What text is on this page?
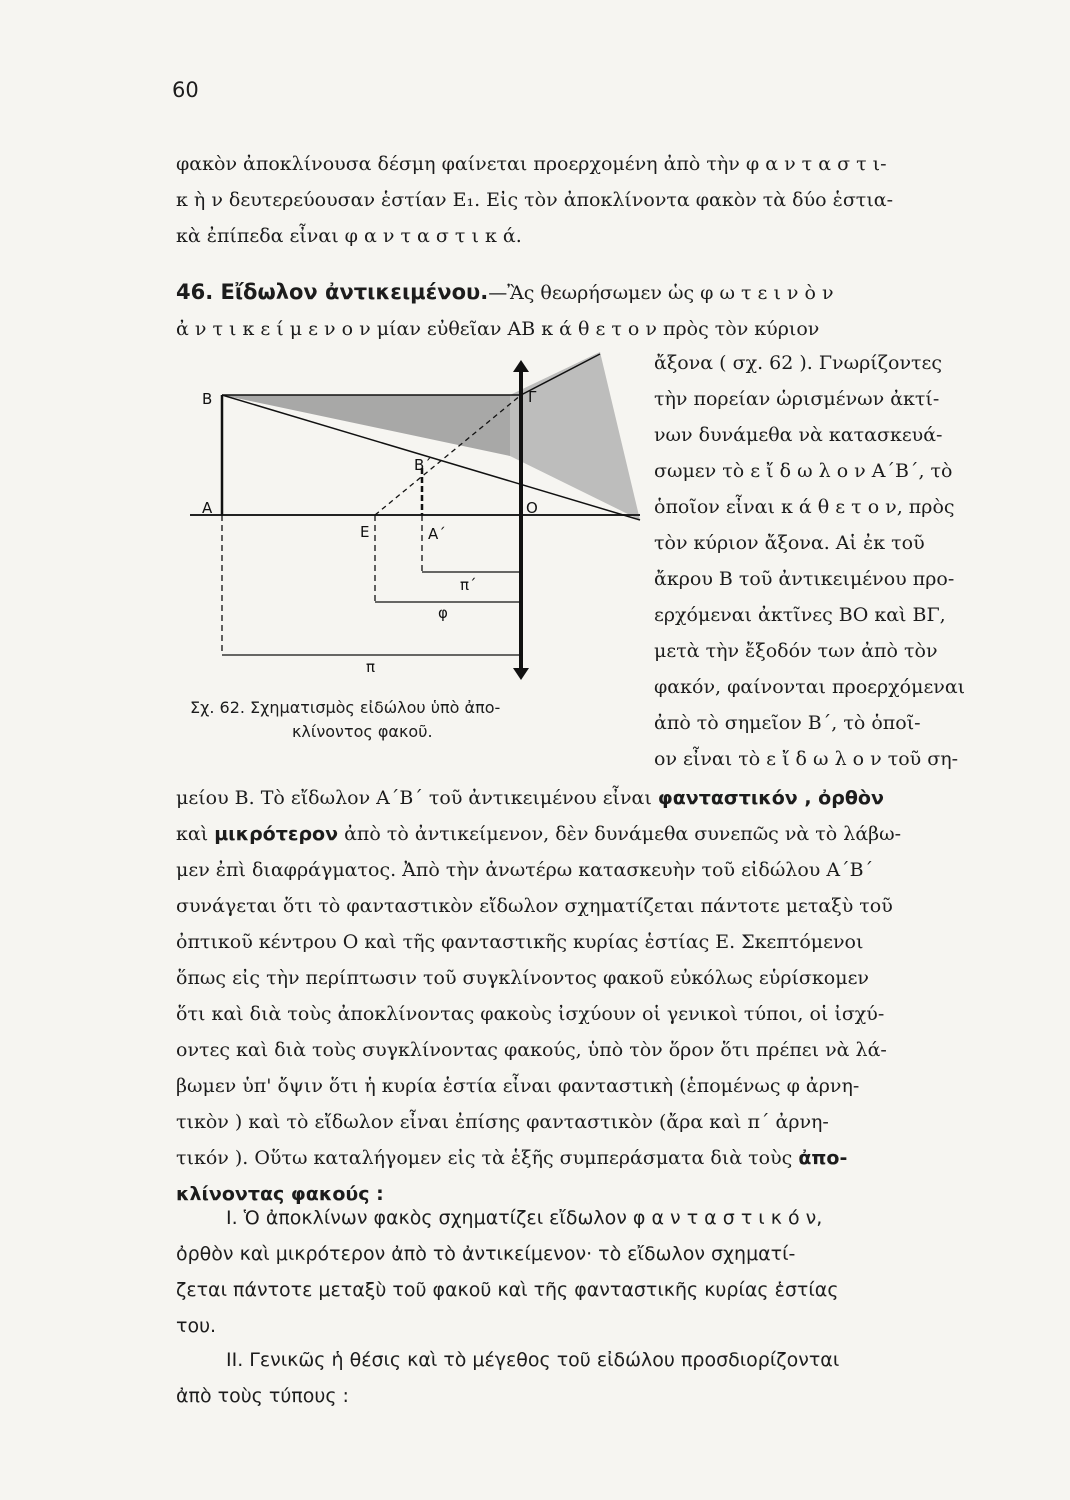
60
φακὸν ἀποκλίνουσα δέσμη φαίνεται προερχομένη ἀπὸ τὴν φ α ν τ α σ τ ι-
κ ὴ ν δευτερεύουσαν ἑστίαν Ε₁. Εἰς τὸν ἀποκλίνοντα φακὸν τὰ δύο ἑστια-
κὰ ἐπίπεδα εἶναι φ α ν τ α σ τ ι κ ά.
46. Εἴδωλον ἀντικειμένου.—Ἂς θεωρήσωμεν ὡς φ ω τ ε ι ν ὸ ν
ἀ ν τ ι κ ε ί μ ε ν ο ν μίαν εὐθεῖαν ΑΒ κ ά θ ε τ ο ν πρὸς τὸν κύριον
Β
Α
Γ
Β΄
Ε	Α΄
Ο
π΄
φ
π
Σχ. 62. Σχηματισμὸς εἰδώλου ὑπὸ ἀπο-
κλίνοντος φακοῦ.
ἄξονα ( σχ. 62 ). Γνωρίζοντες
τὴν πορείαν ὡρισμένων ἀκτί-
νων δυνάμεθα νὰ κατασκευά-
σωμεν τὸ ε ἴ δ ω λ ο ν Α΄Β΄, τὸ
ὁποῖον εἶναι κ ά θ ε τ ο ν, πρὸς
τὸν κύριον ἄξονα. Αἱ ἐκ τοῦ
ἄκρου Β τοῦ ἀντικειμένου προ-
ερχόμεναι ἀκτῖνες ΒΟ καὶ ΒΓ,
μετὰ τὴν ἔξοδόν των ἀπὸ τὸν
φακόν, φαίνονται προερχόμεναι
ἀπὸ τὸ σημεῖον Β΄, τὸ ὁποῖ-
ον εἶναι τὸ ε ἴ δ ω λ ο ν τοῦ ση-
μείου Β. Τὸ εἴδωλον Α΄Β΄ τοῦ ἀντικειμένου εἶναι φανταστικόν , ὀρθὸν
καὶ μικρότερον ἀπὸ τὸ ἀντικείμενον, δὲν δυνάμεθα συνεπῶς νὰ τὸ λάβω-
μεν ἐπὶ διαφράγματος. Ἀπὸ τὴν ἀνωτέρω κατασκευὴν τοῦ εἰδώλου Α΄Β΄
συνάγεται ὅτι τὸ φανταστικὸν εἴδωλον σχηματίζεται πάντοτε μεταξὺ τοῦ
ὀπτικοῦ κέντρου Ο καὶ τῆς φανταστικῆς κυρίας ἑστίας Ε. Σκεπτόμενοι
ὅπως εἰς τὴν περίπτωσιν τοῦ συγκλίνοντος φακοῦ εὐκόλως εὑρίσκομεν
ὅτι καὶ διὰ τοὺς ἀποκλίνοντας φακοὺς ἰσχύουν οἱ γενικοὶ τύποι, οἱ ἰσχύ-
οντες καὶ διὰ τοὺς συγκλίνοντας φακούς, ὑπὸ τὸν ὅρον ὅτι πρέπει νὰ λά-
βωμεν ὑπ' ὄψιν ὅτι ἡ κυρία ἑστία εἶναι φανταστικὴ (ἑπομένως φ ἀρνη-
τικὸν ) καὶ τὸ εἴδωλον εἶναι ἐπίσης φανταστικὸν (ἄρα καὶ π΄ ἀρνη-
τικόν ). Οὕτω καταλήγομεν εἰς τὰ ἑξῆς συμπεράσματα διὰ τοὺς ἀπο-
κλίνοντας φακούς :
I. Ὁ ἀποκλίνων φακὸς σχηματίζει εἴδωλον φ α ν τ α σ τ ι κ ό ν,
ὀρθὸν καὶ μικρότερον ἀπὸ τὸ ἀντικείμενον· τὸ εἴδωλον σχηματί-
ζεται πάντοτε μεταξὺ τοῦ φακοῦ καὶ τῆς φανταστικῆς κυρίας ἑστίας
του.
II. Γενικῶς ἡ θέσις καὶ τὸ μέγεθος τοῦ εἰδώλου προσδιορίζονται
ἀπὸ τοὺς τύπους :
